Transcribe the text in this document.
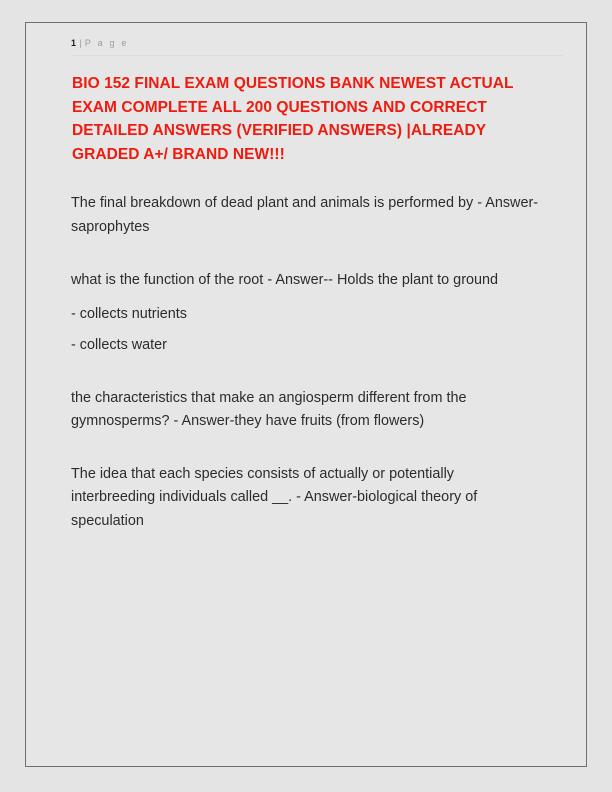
1 | P a g e
BIO 152 FINAL EXAM QUESTIONS BANK NEWEST ACTUAL EXAM COMPLETE ALL 200 QUESTIONS AND CORRECT DETAILED ANSWERS (VERIFIED ANSWERS) |ALREADY GRADED A+/ BRAND NEW!!!
The final breakdown of dead plant and animals is performed by - Answer-saprophytes
what is the function of the root - Answer-- Holds the plant to ground
- collects nutrients
- collects water
the characteristics that make an angiosperm different from the gymnosperms? - Answer-they have fruits (from flowers)
The idea that each species consists of actually or potentially interbreeding individuals called __. - Answer-biological theory of speculation
